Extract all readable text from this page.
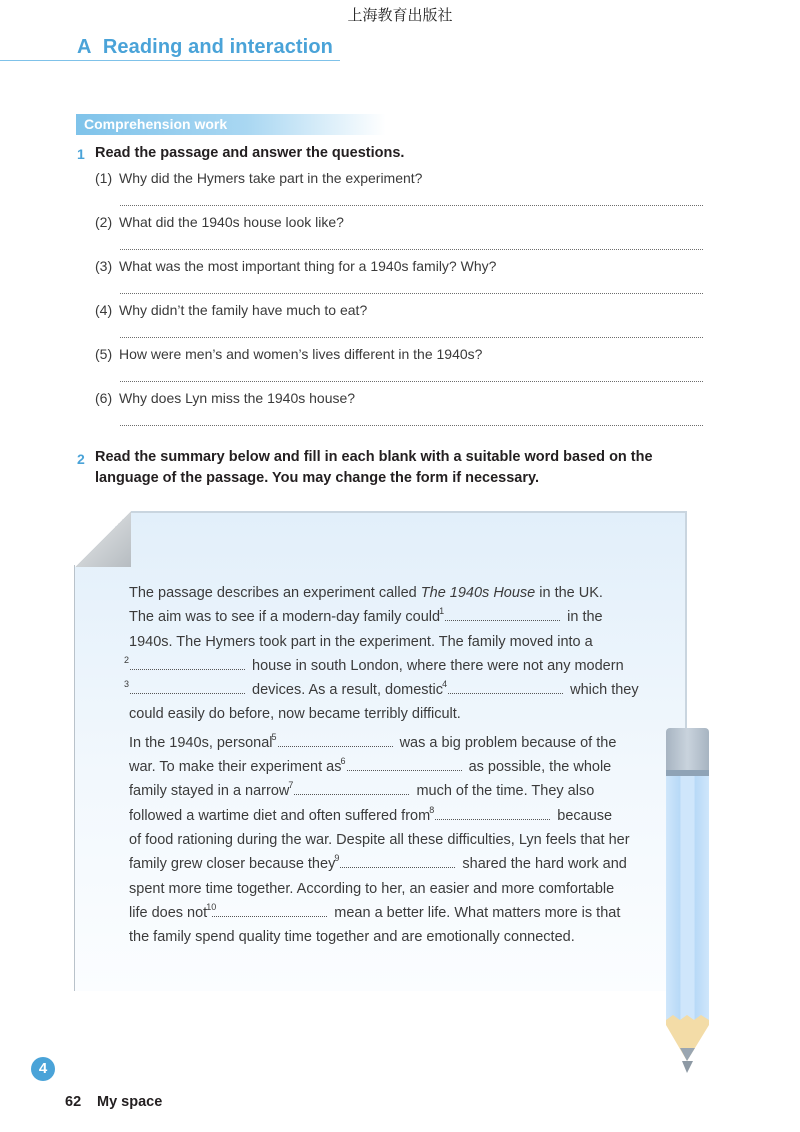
上海教育出版社
A Reading and interaction
Comprehension work
1 Read the passage and answer the questions.
(1) Why did the Hymers take part in the experiment?
(2) What did the 1940s house look like?
(3) What was the most important thing for a 1940s family? Why?
(4) Why didn’t the family have much to eat?
(5) How were men’s and women’s lives different in the 1940s?
(6) Why does Lyn miss the 1940s house?
2 Read the summary below and fill in each blank with a suitable word based on the
language of the passage. You may change the form if necessary.

The passage describes an experiment called The 1940s House in the UK.
The aim was to see if a modern-day family could 1	in the
1940s. The Hymers took part in the experiment. The family moved into a

2	house in south London, where there were not any modern

3	devices. As a result, domestic 4	which they
could easily do before, now became terribly difficult.

In the 1940s, personal 5	was a big problem because of the
war. To make their experiment as 6	as possible, the whole
family stayed in a narrow 7	much of the time. They also
followed a wartime diet and often suffered from 8	because
of food rationing during the war. Despite all these difficulties, Lyn feels that her
family grew closer because they 9	shared the hard work and
spent more time together. According to her, an easier and more comfortable
life does not 10	mean a better life. What matters more is that
the family spend quality time together and are emotionally connected.

4
62 My space
